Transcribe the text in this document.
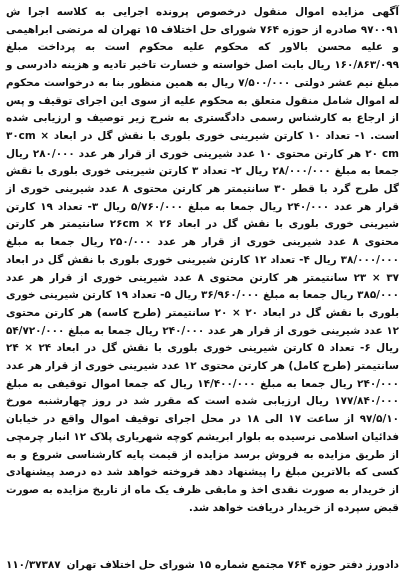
آگهی مزایده اموال منقول درخصوص پرونده اجرایی به کلاسه اجرا ش ۹۷۰۰۹۱ صادره از حوزه ۷۶۴ شورای حل اختلاف ۱۵ تهران له مرتضی ابراهیمی و علیه محسن بالاور که محکوم علیه محکوم است به پرداخت مبلغ ۱۶۰/۸۶۳/۰۹۹ ریال بابت اصل خواسته و خسارت تاخیر تادیه و هزینه دادرسی و مبلغ نیم عشر دولتی ۷/۵۰۰/۰۰۰ ریال به همین منظور بنا به درخواست محکوم له اموال شامل منقول متعلق به محکوم علیه از سوی این اجرای توقیف و پس از ارجاع به کارشناس رسمی دادگستری به شرح زیر توصیف و ارزیابی شده است. ۱- تعداد ۱۰ کارتن شیرینی خوری بلوری با نقش گل در ابعاد ۳۰cm × ۲۰ cm هر کارتن محتوی ۱۰ عدد شیرینی خوری از قرار هر عدد ۲۸۰/۰۰۰ ریال جمعا به مبلغ ۲۸/۰۰۰/۰۰۰ ریال ۲- تعداد ۳ کارتن شیرینی خوری بلوری با نقش گل طرح گرد با قطر ۳۰ سانتیمتر هر کارتن محتوی ۸ عدد شیرینی خوری از قرار هر عدد ۲۴۰/۰۰۰ ریال جمعا به مبلغ ۵/۷۶۰/۰۰۰ ریال ۳- تعداد ۱۹ کارتن شیرینی خوری بلوری با نقش گل در ابعاد ۲۶cm × ۲۶ سانتیمتر هر کارتن محتوی ۸ عدد شیرینی خوری از قرار هر عدد ۲۵۰/۰۰۰ ریال جمعا به مبلغ ۳۸/۰۰۰/۰۰۰ ریال ۴- تعداد ۱۲ کارتن شیرینی خوری بلوری با نقش گل در ابعاد ۳۷ × ۲۳ سانتیمتر هر کارتن محتوی ۸ عدد شیرینی خوری از قرار هر عدد ۳۸۵/۰۰۰ ریال جمعا به مبلغ ۳۶/۹۶۰/۰۰۰ ریال ۵- تعداد ۱۹ کارتن شیرینی خوری بلوری با نقش گل در ابعاد ۲۰ × ۲۰ سانتیمتر (طرح کاسه) هر کارتن محتوی ۱۲ عدد شیرینی خوری از قرار هر عدد ۲۴۰/۰۰۰ ریال جمعا به مبلغ ۵۴/۷۲۰/۰۰۰ ریال ۶- تعداد ۵ کارتن شیرینی خوری بلوری با نقش گل در ابعاد ۲۴ × ۲۴ سانتیمتر (طرح کامل) هر کارتن محتوی ۱۲ عدد شیرینی خوری از قرار هر عدد ۲۴۰/۰۰۰ ریال جمعا به مبلغ ۱۴/۴۰۰/۰۰۰ ریال که جمعا اموال توقیفی به مبلغ ۱۷۷/۸۴۰/۰۰۰ ریال ارزیابی شده است که مقرر شد در روز چهارشنبه مورخ ۹۷/۵/۱۰ از ساعت ۱۷ الی ۱۸ در محل اجرای توقیف اموال واقع در خیابان فدائیان اسلامی نرسیده به بلوار ابریشم کوچه شهریاری پلاک ۱۲ انبار چرمچی از طریق مزایده به فروش برسد مزایده از قیمت پایه کارشناسی شروع و به کسی که بالاترین مبلغ را پیشنهاد دهد فروخته خواهد شد ده درصد پیشنهادی از خریدار به صورت نقدی اخذ و مابقی ظرف یک ماه از تاریخ مزایده به صورت قبض سپرده از خریدار دریافت خواهد شد.

دادورز دفتر حوزه ۷۶۴ مجتمع شماره ۱۵ شورای حل اختلاف تهران
۱۱۰/۳۷۳۸۷
